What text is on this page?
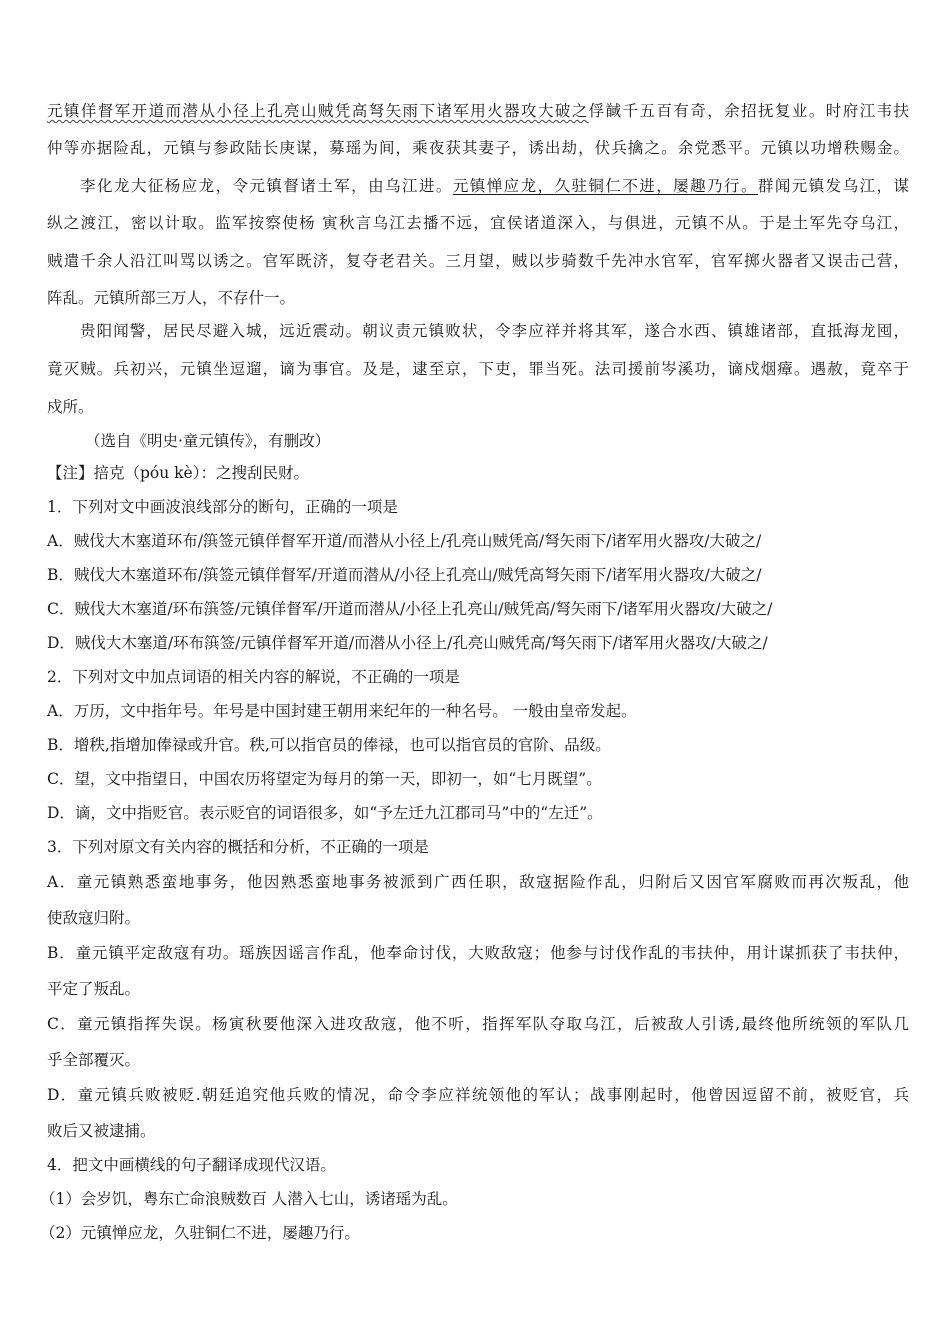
元镇佯督军开道而潜从小径上孔亮山贼凭高弩矢雨下诸军用火器攻大破之俘馘千五百有奇，余招抚复业。时府江韦扶
仲等亦据险乱，元镇与参政陆长庚谋，募瑶为间，乘夜获其妻子，诱出劫，伏兵擒之。余党悉平。元镇以功增秩赐金。
李化龙大征杨应龙，令元镇督诸土军，由乌江进。元镇惮应龙，久驻铜仁不进，屡趣乃行。群闻元镇发乌江，谋
纵之渡江，密以计取。监军按察使杨 寅秋言乌江去播不远，宜侯诸道深入，与俱进，元镇不从。于是土军先夺乌江，
贼遣千余人沿江叫骂以诱之。官军既济，复夺老君关。三月望，贼以步骑数千先冲水官军，官军掷火器者又误击己营，
阵乱。元镇所部三万人，不存什一。
贵阳闻警，居民尽避入城，远近震动。朝议责元镇败状，令李应祥并将其军，遂合水西、镇雄诸部，直抵海龙囤，
竟灭贼。兵初兴，元镇坐逗遛，谪为事官。及是，逮至京，下吏，罪当死。法司援前岑溪功，谪戍烟瘴。遇赦，竟卒于
戍所。
（选自《明史·童元镇传》，有删改）
【注】掊克（póu kè）：之搜刮民财。
1．下列对文中画波浪线部分的断句，正确的一项是
A．贼伐大木塞道环布/篊签元镇佯督军开道/而潜从小径上/孔亮山贼凭高/弩矢雨下/诸军用火器攻/大破之/
B．贼伐大木塞道环布/篊签元镇佯督军/开道而潜从/小径上孔亮山/贼凭高弩矢雨下/诸军用火器攻/大破之/
C．贼伐大木塞道/环布篊签/元镇佯督军/开道而潜从/小径上孔亮山/贼凭高/弩矢雨下/诸军用火器攻/大破之/
D．贼伐大木塞道/环布篊签/元镇佯督军开道/而潜从小径上/孔亮山贼凭高/弩矢雨下/诸军用火器攻/大破之/
2．下列对文中加点词语的相关内容的解说，不正确的一项是
A．万历，文中指年号。年号是中国封建王朝用来纪年的一种名号。 一般由皇帝发起。
B．增秩,指增加俸禄或升官。秩,可以指官员的俸禄，也可以指官员的官阶、品级。
C．望，文中指望日，中国农历将望定为每月的第一天，即初一，如“七月既望”。
D．谪，文中指贬官。表示贬官的词语很多，如“予左迁九江郡司马”中的“左迁”。
3．下列对原文有关内容的概括和分析，不正确的一项是
A．童元镇熟悉蛮地事务，他因熟悉蛮地事务被派到广西任职，敌寇据险作乱，归附后又因官军腐败而再次叛乱，他
使敌寇归附。
B．童元镇平定敌寇有功。瑶族因谣言作乱，他奉命讨伐，大败敌寇；他参与讨伐作乱的韦扶仲，用计谋抓获了韦扶仲，
平定了叛乱。
C．童元镇指挥失误。杨寅秋要他深入进攻敌寇，他不听，指挥军队夺取乌江，后被敌人引诱,最终他所统领的军队几
乎全部覆灭。
D．童元镇兵败被贬.朝廷追究他兵败的情况，命令李应祥统领他的军认；战事刚起时，他曾因逗留不前，被贬官，兵
败后又被逮捕。
4．把文中画横线的句子翻译成现代汉语。
（1）会岁饥，粤东亡命浪贼数百 人潜入七山，诱诸瑶为乱。
（2）元镇惮应龙，久驻铜仁不进，屡趣乃行。
